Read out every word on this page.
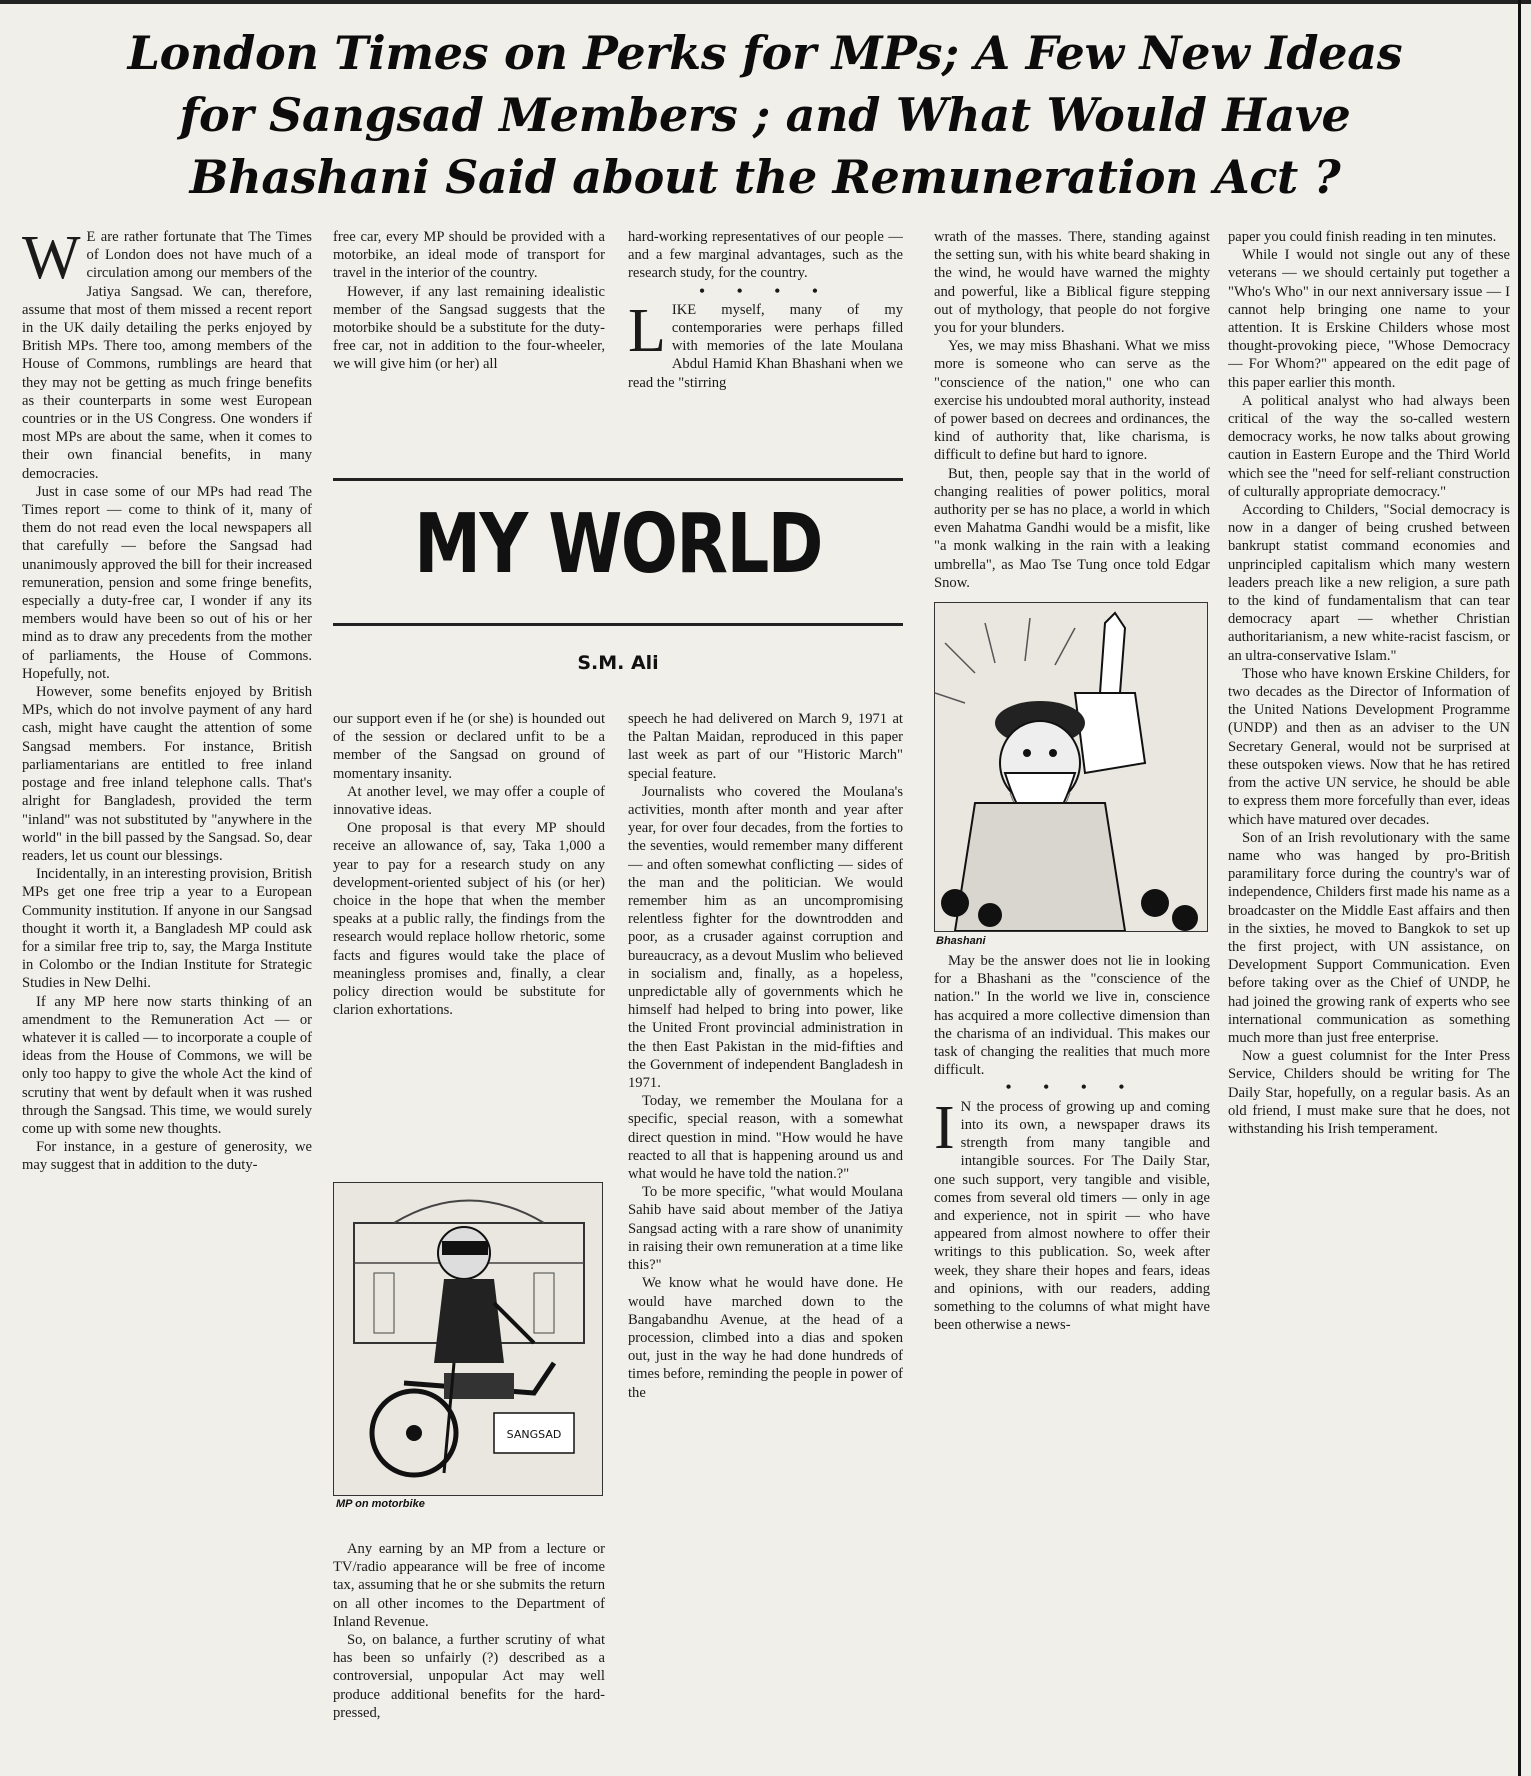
London Times on Perks for MPs; A Few New Ideas
for Sangsad Members ; and What Would Have
Bhashani Said about the Remuneration Act ?

W E are rather fortunate that The Times of London does not have much of a circulation among our members of the Jatiya Sangsad. We can, therefore, assume that most of them missed a recent report in the UK daily detailing the perks enjoyed by British MPs. There too, among members of the House of Commons, rumblings are heard that they may not be getting as much fringe benefits as their counterparts in some west European countries or in the US Congress. One wonders if most MPs are about the same, when it comes to their own financial benefits, in many democracies.

Just in case some of our MPs had read The Times report — come to think of it, many of them do not read even the local newspapers all that carefully — before the Sangsad had unanimously approved the bill for their increased remuneration, pension and some fringe benefits, especially a duty-free car, I wonder if any its members would have been so out of his or her mind as to draw any precedents from the mother of parliaments, the House of Commons. Hopefully, not.

However, some benefits enjoyed by British MPs, which do not involve payment of any hard cash, might have caught the attention of some Sangsad members. For instance, British parliamentarians are entitled to free inland postage and free inland telephone calls. That's alright for Bangladesh, provided the term "inland" was not substituted by "anywhere in the world" in the bill passed by the Sangsad. So, dear readers, let us count our blessings.

Incidentally, in an interesting provision, British MPs get one free trip a year to a European Community institution. If anyone in our Sangsad thought it worth it, a Bangladesh MP could ask for a similar free trip to, say, the Marga Institute in Colombo or the Indian Institute for Strategic Studies in New Delhi.

If any MP here now starts thinking of an amendment to the Remuneration Act — or whatever it is called — to incorporate a couple of ideas from the House of Commons, we will be only too happy to give the whole Act the kind of scrutiny that went by default when it was rushed through the Sangsad. This time, we would surely come up with some new thoughts.

For instance, in a gesture of generosity, we may suggest that in addition to the duty-

free car, every MP should be provided with a motorbike, an ideal mode of transport for travel in the interior of the country.

However, if any last remaining idealistic member of the Sangsad suggests that the motorbike should be a substitute for the duty-free car, not in addition to the four-wheeler, we will give him (or her) all

hard-working representatives of our people — and a few marginal advantages, such as the research study, for the country.

• • • •

LIKE myself, many of my contemporaries were perhaps filled with memories of the late Moulana Abdul Hamid Khan Bhashani when we read the "stirring

MY WORLD
S.M. Ali

our support even if he (or she) is hounded out of the session or declared unfit to be a member of the Sangsad on ground of momentary insanity.

At another level, we may offer a couple of innovative ideas.

One proposal is that every MP should receive an allowance of, say, Taka 1,000 a year to pay for a research study on any development-oriented subject of his (or her) choice in the hope that when the member speaks at a public rally, the findings from the research would replace hollow rhetoric, some facts and figures would take the place of meaningless promises and, finally, a clear policy direction would be substitute for clarion exhortations.

SANGSAD
MP on motorbike

Any earning by an MP from a lecture or TV/radio appearance will be free of income tax, assuming that he or she submits the return on all other incomes to the Department of Inland Revenue.

So, on balance, a further scrutiny of what has been so unfairly (?) described as a controversial, unpopular Act may well produce additional benefits for the hard-pressed,

speech he had delivered on March 9, 1971 at the Paltan Maidan, reproduced in this paper last week as part of our "Historic March" special feature.

Journalists who covered the Moulana's activities, month after month and year after year, for over four decades, from the forties to the seventies, would remember many different — and often somewhat conflicting — sides of the man and the politician. We would remember him as an uncompromising relentless fighter for the downtrodden and poor, as a crusader against corruption and bureaucracy, as a devout Muslim who believed in socialism and, finally, as a hopeless, unpredictable ally of governments which he himself had helped to bring into power, like the United Front provincial administration in the then East Pakistan in the mid-fifties and the Government of independent Bangladesh in 1971.

Today, we remember the Moulana for a specific, special reason, with a somewhat direct question in mind. "How would he have reacted to all that is happening around us and what would he have told the nation.?"

To be more specific, "what would Moulana Sahib have said about member of the Jatiya Sangsad acting with a rare show of unanimity in raising their own remuneration at a time like this?"

We know what he would have done. He would have marched down to the Bangabandhu Avenue, at the head of a procession, climbed into a dias and spoken out, just in the way he had done hundreds of times before, reminding the people in power of the

wrath of the masses. There, standing against the setting sun, with his white beard shaking in the wind, he would have warned the mighty and powerful, like a Biblical figure stepping out of mythology, that people do not forgive you for your blunders.

Yes, we may miss Bhashani. What we miss more is someone who can serve as the "conscience of the nation," one who can exercise his undoubted moral authority, instead of power based on decrees and ordinances, the kind of authority that, like charisma, is difficult to define but hard to ignore.

But, then, people say that in the world of changing realities of power politics, moral authority per se has no place, a world in which even Mahatma Gandhi would be a misfit, like "a monk walking in the rain with a leaking umbrella", as Mao Tse Tung once told Edgar Snow.

Bhashani

May be the answer does not lie in looking for a Bhashani as the "conscience of the nation." In the world we live in, conscience has acquired a more collective dimension than the charisma of an individual. This makes our task of changing the realities that much more difficult.

• • • •

I N the process of growing up and coming into its own, a newspaper draws its strength from many tangible and intangible sources. For The Daily Star, one such support, very tangible and visible, comes from several old timers — only in age and experience, not in spirit — who have appeared from almost nowhere to offer their writings to this publication. So, week after week, they share their hopes and fears, ideas and opinions, with our readers, adding something to the columns of what might have been otherwise a news-

paper you could finish reading in ten minutes.

While I would not single out any of these veterans — we should certainly put together a "Who's Who" in our next anniversary issue — I cannot help bringing one name to your attention. It is Erskine Childers whose most thought-provoking piece, "Whose Democracy — For Whom?" appeared on the edit page of this paper earlier this month.

A political analyst who had always been critical of the way the so-called western democracy works, he now talks about growing caution in Eastern Europe and the Third World which see the "need for self-reliant construction of culturally appropriate democracy."

According to Childers, "Social democracy is now in a danger of being crushed between bankrupt statist command economies and unprincipled capitalism which many western leaders preach like a new religion, a sure path to the kind of fundamentalism that can tear democracy apart — whether Christian authoritarianism, a new white-racist fascism, or an ultra-conservative Islam."

Those who have known Erskine Childers, for two decades as the Director of Information of the United Nations Development Programme (UNDP) and then as an adviser to the UN Secretary General, would not be surprised at these outspoken views. Now that he has retired from the active UN service, he should be able to express them more forcefully than ever, ideas which have matured over decades.

Son of an Irish revolutionary with the same name who was hanged by pro-British paramilitary force during the country's war of independence, Childers first made his name as a broadcaster on the Middle East affairs and then in the sixties, he moved to Bangkok to set up the first project, with UN assistance, on Development Support Communication. Even before taking over as the Chief of UNDP, he had joined the growing rank of experts who see international communication as something much more than just free enterprise.

Now a guest columnist for the Inter Press Service, Childers should be writing for The Daily Star, hopefully, on a regular basis. As an old friend, I must make sure that he does, not withstanding his Irish temperament.
